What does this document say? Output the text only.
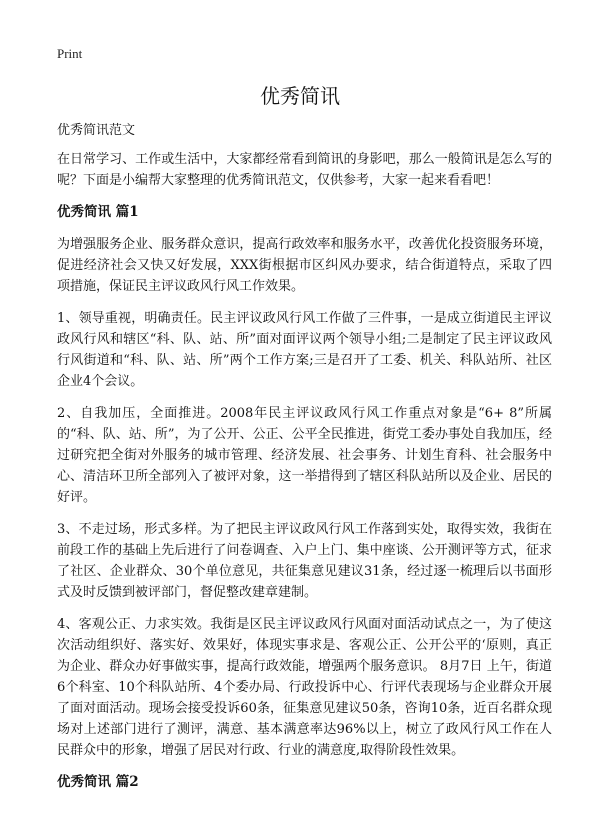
Print
优秀简讯

优秀简讯范文

在日常学习、工作或生活中，大家都经常看到简讯的身影吧，那么一般简讯是怎么写的呢？下面是小编帮大家整理的优秀简讯范文，仅供参考，大家一起来看看吧！

优秀简讯 篇1

为增强服务企业、服务群众意识，提高行政效率和服务水平，改善优化投资服务环境，促进经济社会又快又好发展，XXX街根据市区纠风办要求，结合街道特点，采取了四项措施，保证民主评议政风行风工作效果。

1、领导重视，明确责任。民主评议政风行风工作做了三件事，一是成立街道民主评议政风行风和辖区“科、队、站、所”面对面评议两个领导小组;二是制定了民主评议政风行风街道和“科、队、站、所”两个工作方案;三是召开了工委、机关、科队站所、社区企业4个会议。

2、自我加压，全面推进。2008年民主评议政风行风工作重点对象是“6+ 8”所属的“科、队、站、所”，为了公开、公正、公平全民推进，街党工委办事处自我加压，经过研究把全街对外服务的城市管理、经济发展、社会事务、计划生育科、社会服务中心、清洁环卫所全部列入了被评对象，这一举措得到了辖区科队站所以及企业、居民的好评。

3、不走过场，形式多样。为了把民主评议政风行风工作落到实处，取得实效，我街在前段工作的基础上先后进行了问卷调查、入户上门、集中座谈、公开测评等方式，征求了社区、企业群众、30个单位意见，共征集意见建议31条，经过逐一梳理后以书面形式及时反馈到被评部门，督促整改建章建制。

4、客观公正、力求实效。我街是区民主评议政风行风面对面活动试点之一，为了使这次活动组织好、落实好、效果好，体现实事求是、客观公正、公开公平的‘原则，真正为企业、群众办好事做实事，提高行政效能，增强两个服务意识。 8月7日 上午，街道6个科室、10个科队站所、4个委办局、行政投诉中心、行评代表现场与企业群众开展了面对面活动。现场会接受投诉60条，征集意见建议50条，咨询10条，近百名群众现场对上述部门进行了测评，满意、基本满意率达96%以上，树立了政风行风工作在人民群众中的形象，增强了居民对行政、行业的满意度,取得阶段性效果。

优秀简讯 篇2
